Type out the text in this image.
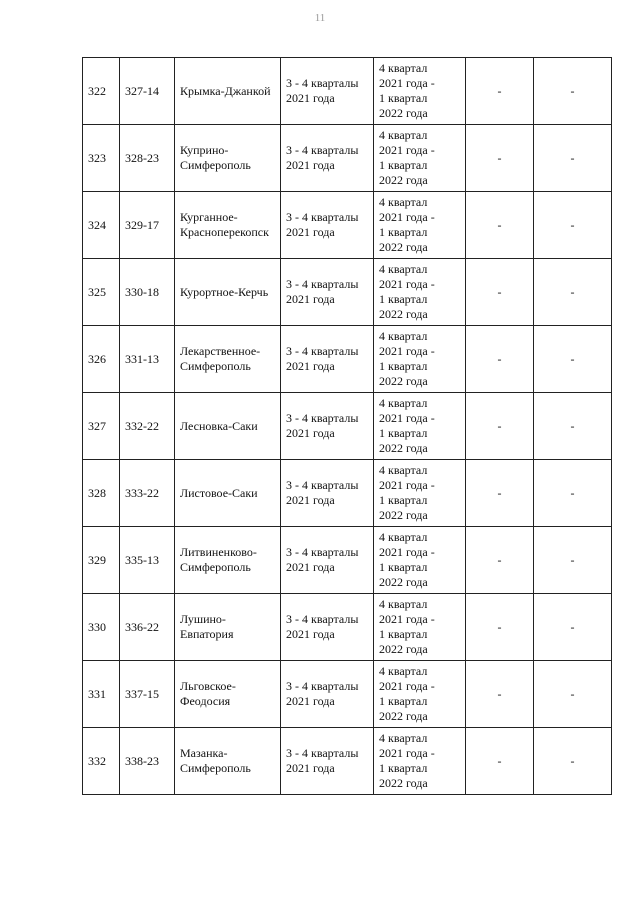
11
322	327-14	Крымка-Джанкой	3 - 4 кварталы
2021 года	4 квартал
2021 года -
1 квартал
2022 года	-	-
323	328-23	Куприно-
Симферополь	3 - 4 кварталы
2021 года	4 квартал
2021 года -
1 квартал
2022 года	-	-
324	329-17	Курганное-
Красноперекопск	3 - 4 кварталы
2021 года	4 квартал
2021 года -
1 квартал
2022 года	-	-
325	330-18	Курортное-Керчь	3 - 4 кварталы
2021 года	4 квартал
2021 года -
1 квартал
2022 года	-	-
326	331-13	Лекарственное-
Симферополь	3 - 4 кварталы
2021 года	4 квартал
2021 года -
1 квартал
2022 года	-	-
327	332-22	Лесновка-Саки	3 - 4 кварталы
2021 года	4 квартал
2021 года -
1 квартал
2022 года	-	-
328	333-22	Листовое-Саки	3 - 4 кварталы
2021 года	4 квартал
2021 года -
1 квартал
2022 года	-	-
329	335-13	Литвиненково-
Симферополь	3 - 4 кварталы
2021 года	4 квартал
2021 года -
1 квартал
2022 года	-	-
330	336-22	Лушино-
Евпатория	3 - 4 кварталы
2021 года	4 квартал
2021 года -
1 квартал
2022 года	-	-
331	337-15	Льговское-
Феодосия	3 - 4 кварталы
2021 года	4 квартал
2021 года -
1 квартал
2022 года	-	-
332	338-23	Мазанка-
Симферополь	3 - 4 кварталы
2021 года	4 квартал
2021 года -
1 квартал
2022 года	-	-
